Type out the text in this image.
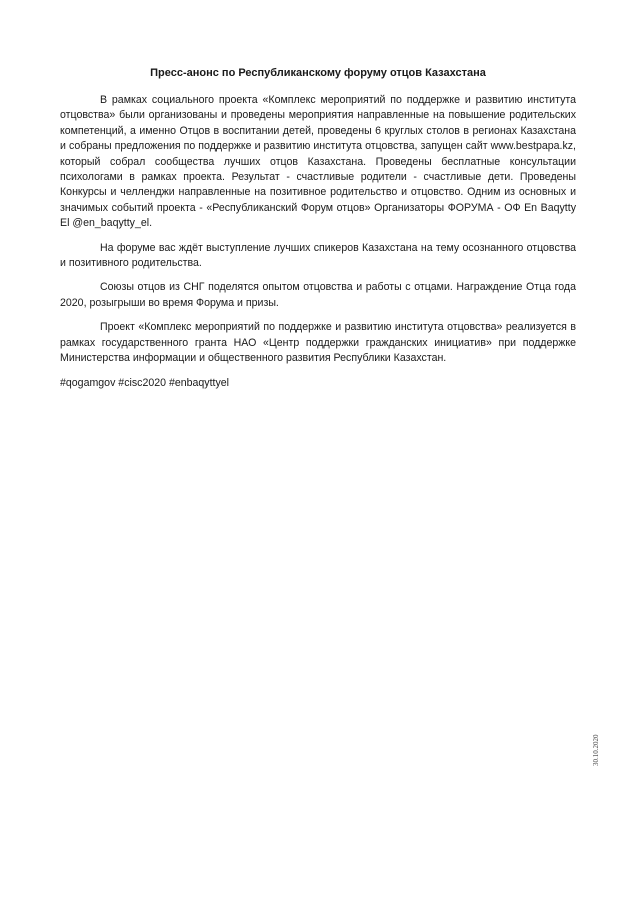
Пресс-анонс по Республиканскому форуму отцов Казахстана

В рамках социального проекта «Комплекс мероприятий по поддержке и развитию института отцовства» были организованы и проведены мероприятия направленные на повышение родительских компетенций, а именно Отцов в воспитании детей, проведены 6 круглых столов в регионах Казахстана и собраны предложения по поддержке и развитию института отцовства, запущен сайт www.bestpapa.kz, который собрал сообщества лучших отцов Казахстана. Проведены бесплатные консультации психологами в рамках проекта. Результат - счастливые родители - счастливые дети. Проведены Конкурсы и челленджи направленные на позитивное родительство и отцовство. Одним из основных и значимых событий проекта - «Республиканский Форум отцов» Организаторы ФОРУМА - ОФ En Baqytty El @en_baqytty_el.

На форуме вас ждёт выступление лучших спикеров Казахстана на тему осознанного отцовства и позитивного родительства.

Союзы отцов из СНГ поделятся опытом отцовства и работы с отцами. Награждение Отца года 2020, розыгрыши во время Форума и призы.

Проект «Комплекс мероприятий по поддержке и развитию института отцовства» реализуется в рамках государственного гранта НАО «Центр поддержки гражданских инициатив» при поддержке Министерства информации и общественного развития Республики Казахстан.

#qogamgov #cisc2020 #enbaqyttyel

30.10.2020
